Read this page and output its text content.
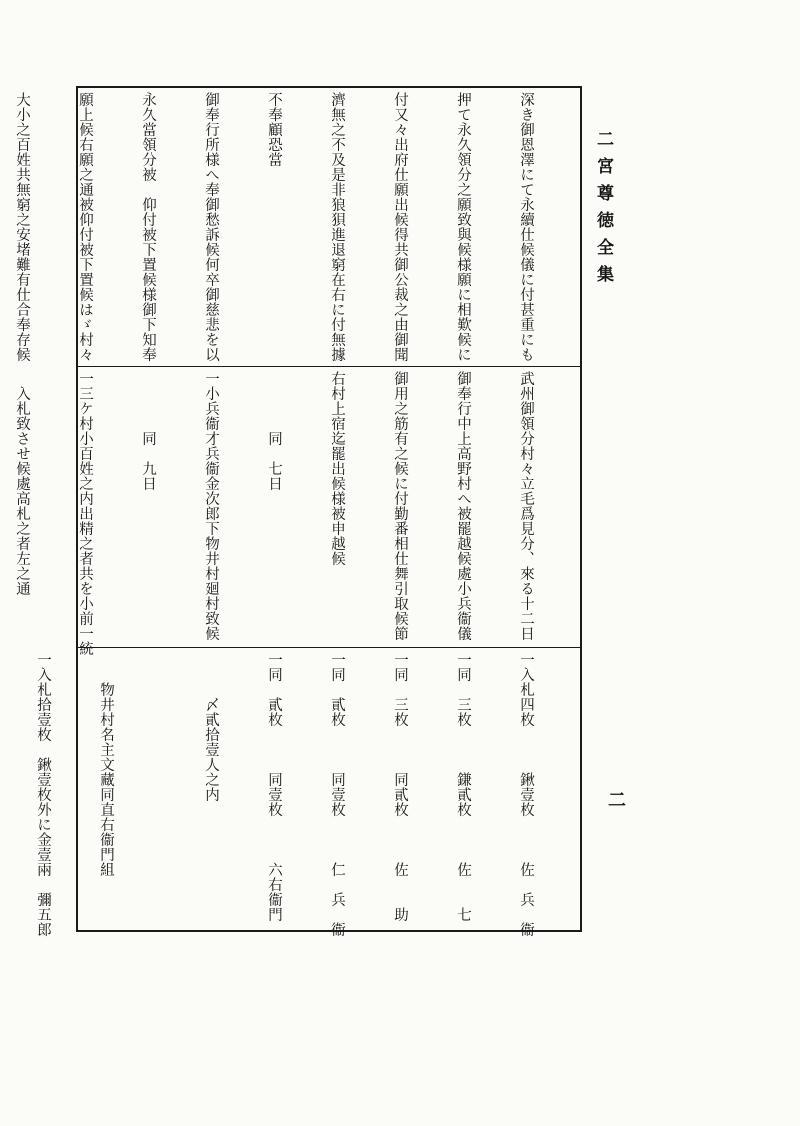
二宮尊徳全集
二

深き御恩澤にて永續仕候儀に付甚重にも

押て永久領分之願致與候様願に相歎候に

付又々出府仕願出候得共御公裁之由御聞

濟無之不及是非狼狽進退窮在右に付無據

不奉顧恐當

御奉行所様へ奉御愁訴候何卒御慈悲を以

永久當領分被　仰付被下置候様御下知奉

願上候右願之通被仰付被下置候はゞ村々

大小之百姓共無窮之安堵難有仕合奉存候

武州御領分村々立毛爲見分、來る十二日

御奉行中上高野村へ被罷越候處小兵衞儀

御用之筋有之候に付勤番相仕舞引取候節

右村上宿迄罷出候様被申越候

　　　　同　七日

一小兵衞才兵衞金次郎下物井村廻村致候

　　　　同　九日

一三ケ村小百姓之内出精之者共を小前一統

　入札致させ候處高札之者左之通

一入札四枚　　　鍬壹枚　　　佐　兵　衞

一同　三枚　　　鎌貳枚　　　佐　　七

一同　三枚　　　同貳枚　　　佐　　助

一同　貳枚　　　同壹枚　　　仁　兵　衞

一同　貳枚　　　同壹枚　　　六右衞門

　　　〆貳拾壹人之内

　　物井村名主文藏同直右衞門組

一入札拾壹枚　鍬壹枚外に金壹兩　彌五郎
